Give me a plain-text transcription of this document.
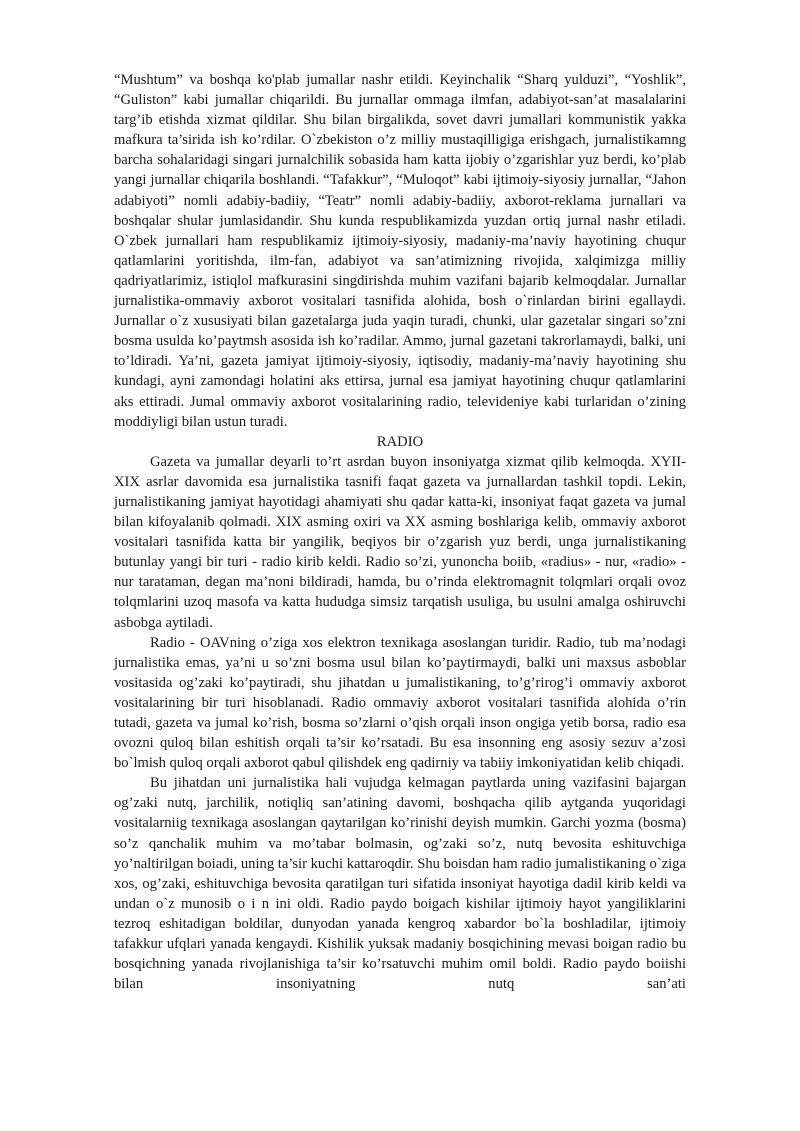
“Mushtum” va boshqa ko'plab jumallar nashr etildi. Keyinchalik “Sharq yulduzi”, “Yoshlik”, “Guliston” kabi jumallar chiqarildi. Bu jurnallar ommaga ilmfan, adabiyot-san’at masalalarini targ’ib etishda xizmat qildilar. Shu bilan birgalikda, sovet davri jumallari kommunistik yakka mafkura ta’sirida ish ko’rdilar. O`zbekiston o’z milliy mustaqilligiga erishgach, jurnalistikamng barcha sohalaridagi singari jurnalchilik sobasida ham katta ijobiy o’zgarishlar yuz berdi, ko’plab yangi jurnallar chiqarila boshlandi. “Tafakkur”, “Muloqot” kabi ijtimoiy-siyosiy jurnallar, “Jahon adabiyoti” nomli adabiy-badiiy, “Teatr” nomli adabiy-badiiy, axborot-reklama jurnallari va boshqalar shular jumlasidandir. Shu kunda respublikamizda yuzdan ortiq jurnal nashr etiladi. O`zbek jurnallari ham respublikamiz ijtimoiy-siyosiy, madaniy-ma’naviy hayotining chuqur qatlamlarini yoritishda, ilm-fan, adabiyot va san’atimizning rivojida, xalqimizga milliy qadriyatlarimiz, istiqlol mafkurasini singdirishda muhim vazifani bajarib kelmoqdalar. Jurnallar jurnalistika-ommaviy axborot vositalari tasnifida alohida, bosh o`rinlardan birini egallaydi. Jurnallar o`z xususiyati bilan gazetalarga juda yaqin turadi, chunki, ular gazetalar singari so’zni bosma usulda ko’paytmsh asosida ish ko’radilar. Ammo, jurnal gazetani takrorlamaydi, balki, uni to’ldiradi. Ya’ni, gazeta jamiyat ijtimoiy-siyosiy, iqtisodiy, madaniy-ma’naviy hayotining shu kundagi, ayni zamondagi holatini aks ettirsa, jurnal esa jamiyat hayotining chuqur qatlamlarini aks ettiradi. Jumal ommaviy axborot vositalarining radio, televideniye kabi turlaridan o’zining moddiyligi bilan ustun turadi.

RADIO

Gazeta va jumallar deyarli to’rt asrdan buyon insoniyatga xizmat qilib kelmoqda. XYII-XIX asrlar davomida esa jurnalistika tasnifi faqat gazeta va jurnallardan tashkil topdi. Lekin, jurnalistikaning jamiyat hayotidagi ahamiyati shu qadar katta-ki, insoniyat faqat gazeta va jumal bilan kifoyalanib qolmadi. XIX asming oxiri va XX asming boshlariga kelib, ommaviy axborot vositalari tasnifida katta bir yangilik, beqiyos bir o’zgarish yuz berdi, unga jurnalistikaning butunlay yangi bir turi - radio kirib keldi. Radio so’zi, yunoncha boiib, «radius» - nur, «radio» - nur tarataman, degan ma’noni bildiradi, hamda, bu o’rinda elektromagnit tolqmlari orqali ovoz tolqmlarini uzoq masofa va katta hududga simsiz tarqatish usuliga, bu usulni amalga oshiruvchi asbobga aytiladi.

Radio - OAVning o’ziga xos elektron texnikaga asoslangan turidir. Radio, tub ma’nodagi jurnalistika emas, ya’ni u so’zni bosma usul bilan ko’paytirmaydi, balki uni maxsus asboblar vositasida og’zaki ko’paytiradi, shu jihatdan u jumalistikaning, to’g’rirog’i ommaviy axborot vositalarining bir turi hisoblanadi. Radio ommaviy axborot vositalari tasnifida alohida o’rin tutadi, gazeta va jumal ko’rish, bosma so’zlarni o’qish orqali inson ongiga yetib borsa, radio esa ovozni quloq bilan eshitish orqali ta’sir ko’rsatadi. Bu esa insonning eng asosiy sezuv a’zosi bo`lmish quloq orqali axborot qabul qilishdek eng qadirniy va tabiiy imkoniyatidan kelib chiqadi.

Bu jihatdan uni jurnalistika hali vujudga kelmagan paytlarda uning vazifasini bajargan og’zaki nutq, jarchilik, notiqliq san’atining davomi, boshqacha qilib aytganda yuqoridagi vositalarniig texnikaga asoslangan qaytarilgan ko’rinishi deyish mumkin. Garchi yozma (bosma) so’z qanchalik muhim va mo’tabar bolmasin, og’zaki so’z, nutq bevosita eshituvchiga yo’naltirilgan boiadi, uning ta’sir kuchi kattaroqdir. Shu boisdan ham radio jumalistikaning o`ziga xos, og’zaki, eshituvchiga bevosita qaratilgan turi sifatida insoniyat hayotiga dadil kirib keldi va undan o`z munosib o i n ini oldi. Radio paydo boigach kishilar ijtimoiy hayot yangiliklarini tezroq eshitadigan boldilar, dunyodan yanada kengroq xabardor bo`la boshladilar, ijtimoiy tafakkur ufqlari yanada kengaydi. Kishilik yuksak madaniy bosqichining mevasi boigan radio bu bosqichning yanada rivojlanishiga ta’sir ko’rsatuvchi muhim omil boldi. Radio paydo boiishi bilan insoniyatning nutq san’ati
